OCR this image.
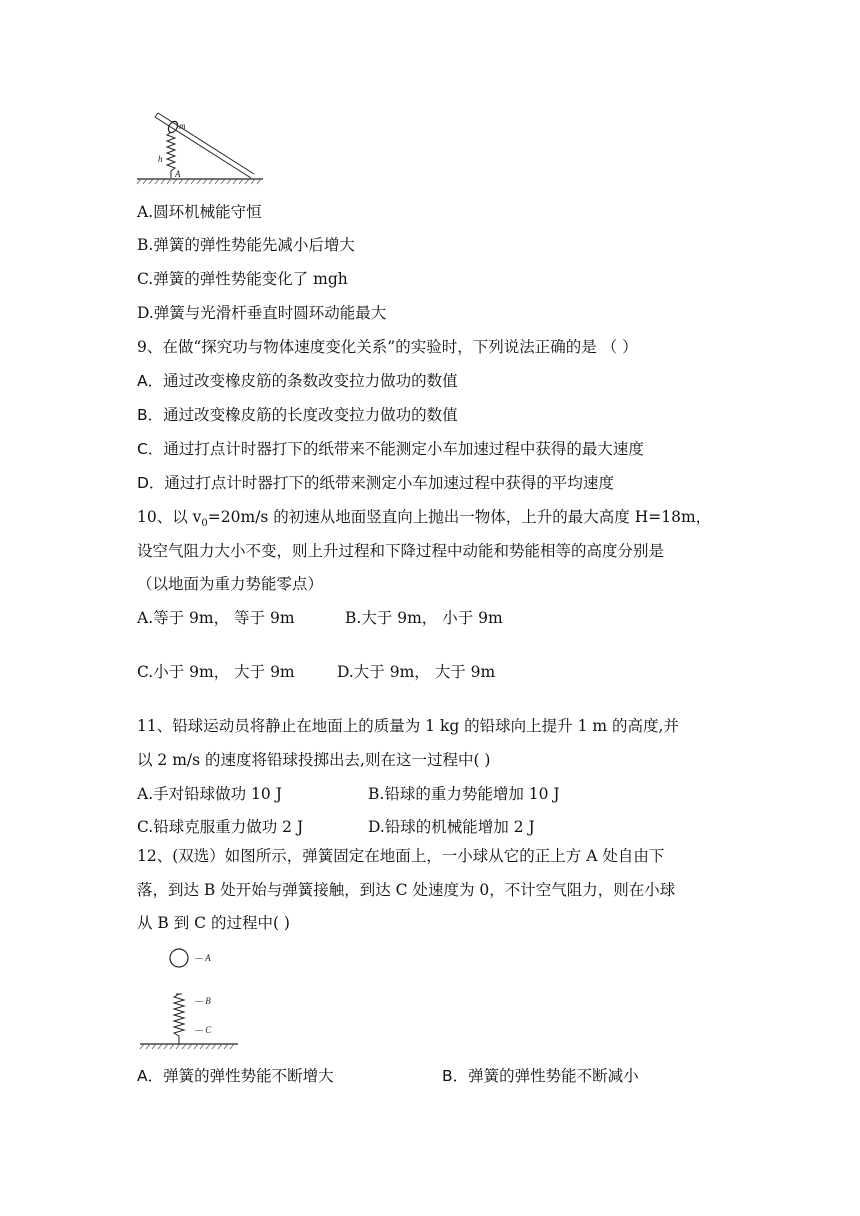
m
h
A
A.圆环机械能守恒
B.弹簧的弹性势能先减小后增大
C.弹簧的弹性势能变化了 mgh
D.弹簧与光滑杆垂直时圆环动能最大
9、在做“探究功与物体速度变化关系”的实验时，下列说法正确的是 （ ）
A．通过改变橡皮筋的条数改变拉力做功的数值
B．通过改变橡皮筋的长度改变拉力做功的数值
C．通过打点计时器打下的纸带来不能测定小车加速过程中获得的最大速度
D．通过打点计时器打下的纸带来测定小车加速过程中获得的平均速度
10、以 $v_0=20m/s$ 的初速从地面竖直向上抛出一物体，上升的最大高度 H=18m，
设空气阻力大小不变，则上升过程和下降过程中动能和势能相等的高度分别是
（以地面为重力势能零点）
A.等于 9m， 等于 9m	B.大于 9m， 小于 9m
C.小于 9m， 大于 9m	D.大于 9m， 大于 9m
11、铅球运动员将静止在地面上的质量为 1 kg 的铅球向上提升 1 m 的高度,并
以 2 m/s 的速度将铅球投掷出去,则在这一过程中( )
A.手对铅球做功 10 J	B.铅球的重力势能增加 10 J
C.铅球克服重力做功 2 J	D.铅球的机械能增加 2 J
12、(双选）如图所示，弹簧固定在地面上，一小球从它的正上方 A 处自由下
落，到达 B 处开始与弹簧接触，到达 C 处速度为 0，不计空气阻力，则在小球
从 B 到 C 的过程中( )
— A
— B
— C
A．弹簧的弹性势能不断增大	B．弹簧的弹性势能不断减小
